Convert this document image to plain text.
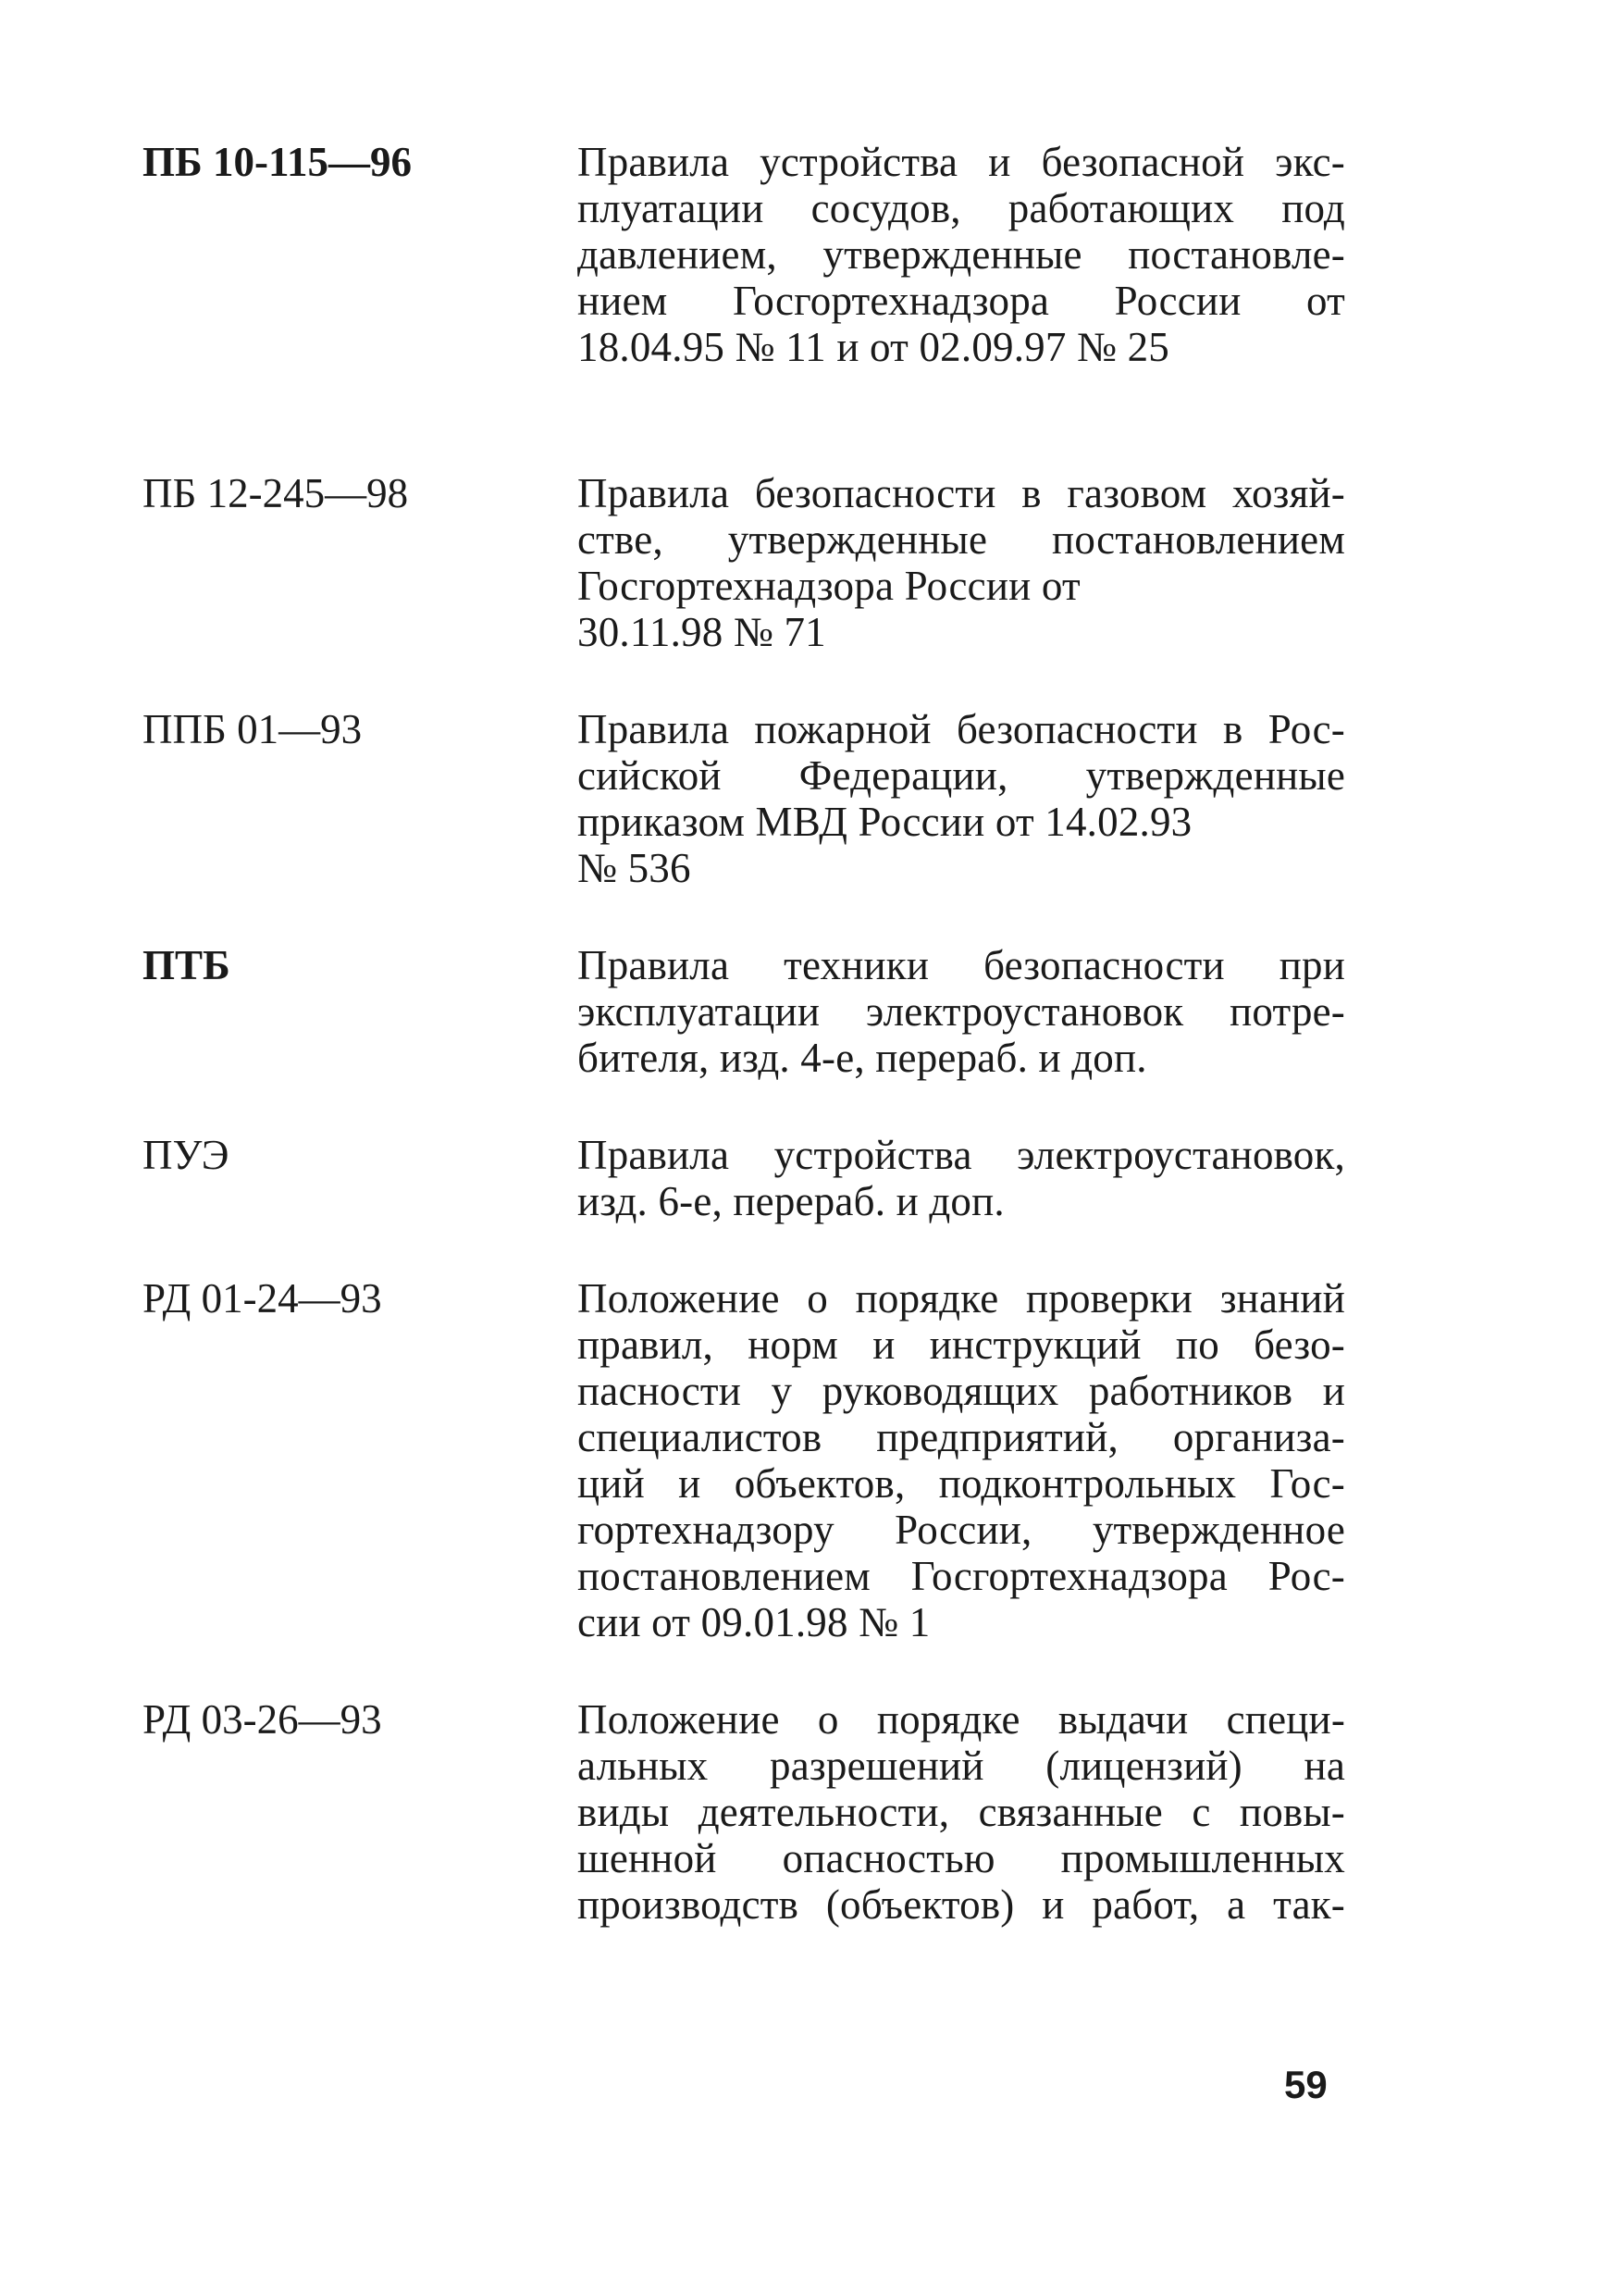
ПБ 10-115—96	Правила устройства и безопасной экс-
плуатации сосудов, работающих под
давлением, утвержденные постановле-
нием Госгортехнадзора России от
18.04.95 № 11 и от 02.09.97 № 25
ПБ 12-245—98	Правила безопасности в газовом хозяй-
стве, утвержденные постановлением
Госгортехнадзора России от
30.11.98 № 71
ППБ 01—93	Правила пожарной безопасности в Рос-
сийской Федерации, утвержденные
приказом МВД России от 14.02.93
№ 536
ПТБ	Правила техники безопасности при
эксплуатации электроустановок потре-
бителя, изд. 4-е, перераб. и доп.
ПУЭ	Правила устройства электроустановок,
изд. 6-е, перераб. и доп.
РД 01-24—93	Положение о порядке проверки знаний
правил, норм и инструкций по безо-
пасности у руководящих работников и
специалистов предприятий, организа-
ций и объектов, подконтрольных Гос-
гортехнадзору России, утвержденное
постановлением Госгортехнадзора Рос-
сии от 09.01.98 № 1
РД 03-26—93	Положение о порядке выдачи специ-
альных разрешений (лицензий) на
виды деятельности, связанные с повы-
шенной опасностью промышленных
производств (объектов) и работ, а так-
59
